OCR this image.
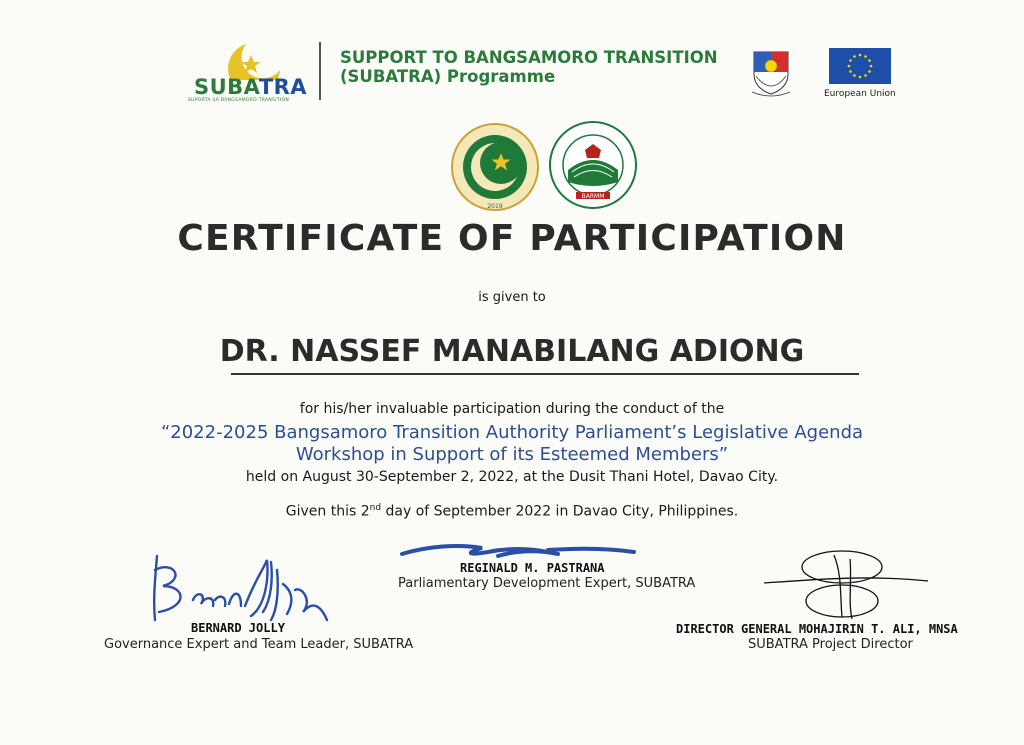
SUBATRA
SUPORTA SA BANGSAMORO TRANSITION
SUPPORT TO BANGSAMORO TRANSITION
(SUBATRA) Programme
European Union
2019
BARMM
CERTIFICATE OF PARTICIPATION
is given to
DR. NASSEF MANABILANG ADIONG
for his/her invaluable participation during the conduct of the
“2022-2025 Bangsamoro Transition Authority Parliament’s Legislative Agenda
Workshop in Support of its Esteemed Members”
held on August 30-September 2, 2022, at the Dusit Thani Hotel, Davao City.
Given this 2nd day of September 2022 in Davao City, Philippines.
BERNARD JOLLY
Governance Expert and Team Leader, SUBATRA
REGINALD M. PASTRANA
Parliamentary Development Expert, SUBATRA
DIRECTOR GENERAL MOHAJIRIN T. ALI, MNSA
SUBATRA Project Director
